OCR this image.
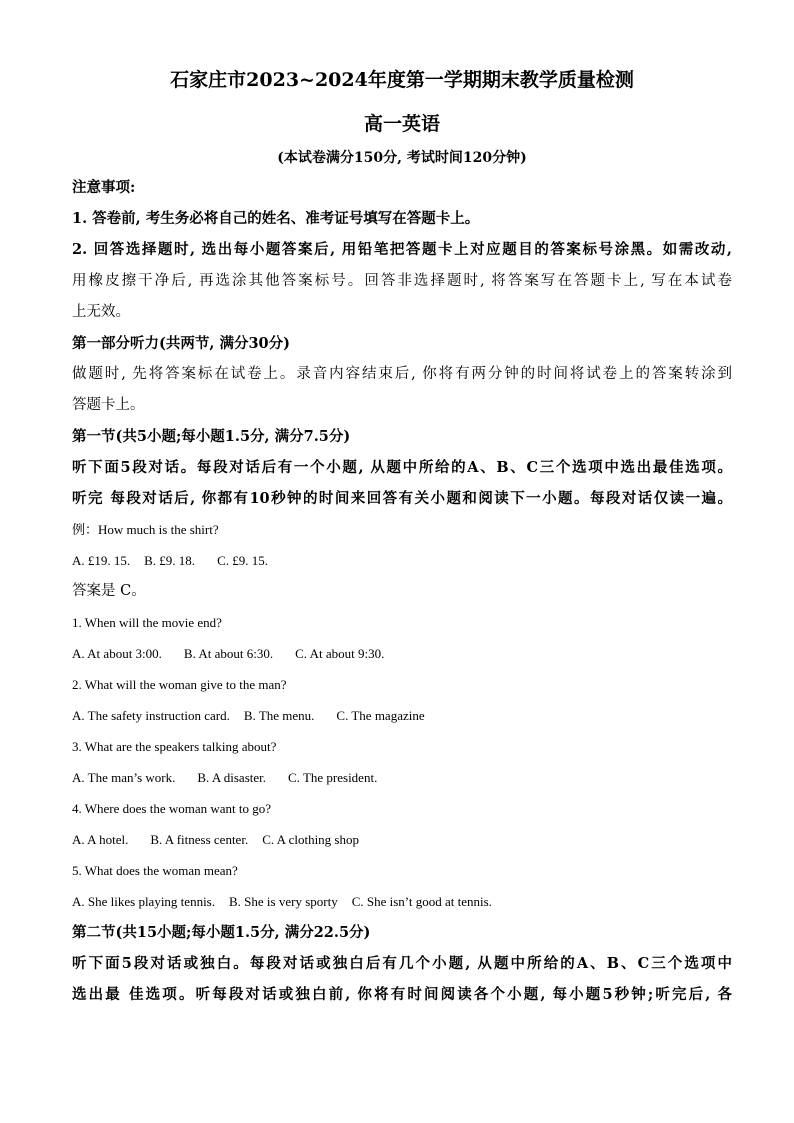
石家庄市2023~2024年度第一学期期末教学质量检测
高一英语
(本试卷满分150分, 考试时间120分钟)

注意事项:

1. 答卷前, 考生务必将自己的姓名、准考证号填写在答题卡上。

2. 回答选择题时, 选出每小题答案后, 用铅笔把答题卡上对应题目的答案标号涂黑。如需改动,

用橡皮擦干净后, 再选涂其他答案标号。回答非选择题时, 将答案写在答题卡上, 写在本试卷

上无效。

第一部分听力(共两节, 满分30分)

做题时, 先将答案标在试卷上。录音内容结束后, 你将有两分钟的时间将试卷上的答案转涂到

答题卡上。

第一节(共5小题;每小题1.5分, 满分7.5分)

听下面5段对话。每段对话后有一个小题, 从题中所给的A、B、C三个选项中选出最佳选项。

听完 每段对话后, 你都有10秒钟的时间来回答有关小题和阅读下一小题。每段对话仅读一遍。

例：How much is the shirt?

A. £19. 15. B. £9. 18. C. £9. 15.

答案是 C。

1. When will the movie end?

A. At about 3:00. B. At about 6:30. C. At about 9:30.

2. What will the woman give to the man?

A. The safety instruction card. B. The menu. C. The magazine

3. What are the speakers talking about?

A. The man’s work. B. A disaster. C. The president.

4. Where does the woman want to go?

A. A hotel. B. A fitness center. C. A clothing shop

5. What does the woman mean?

A. She likes playing tennis. B. She is very sporty C. She isn’t good at tennis.

第二节(共15小题;每小题1.5分, 满分22.5分)

听下面5段对话或独白。每段对话或独白后有几个小题, 从题中所给的A、B、C三个选项中

选出最 佳选项。听每段对话或独白前, 你将有时间阅读各个小题, 每小题5秒钟;听完后, 各
